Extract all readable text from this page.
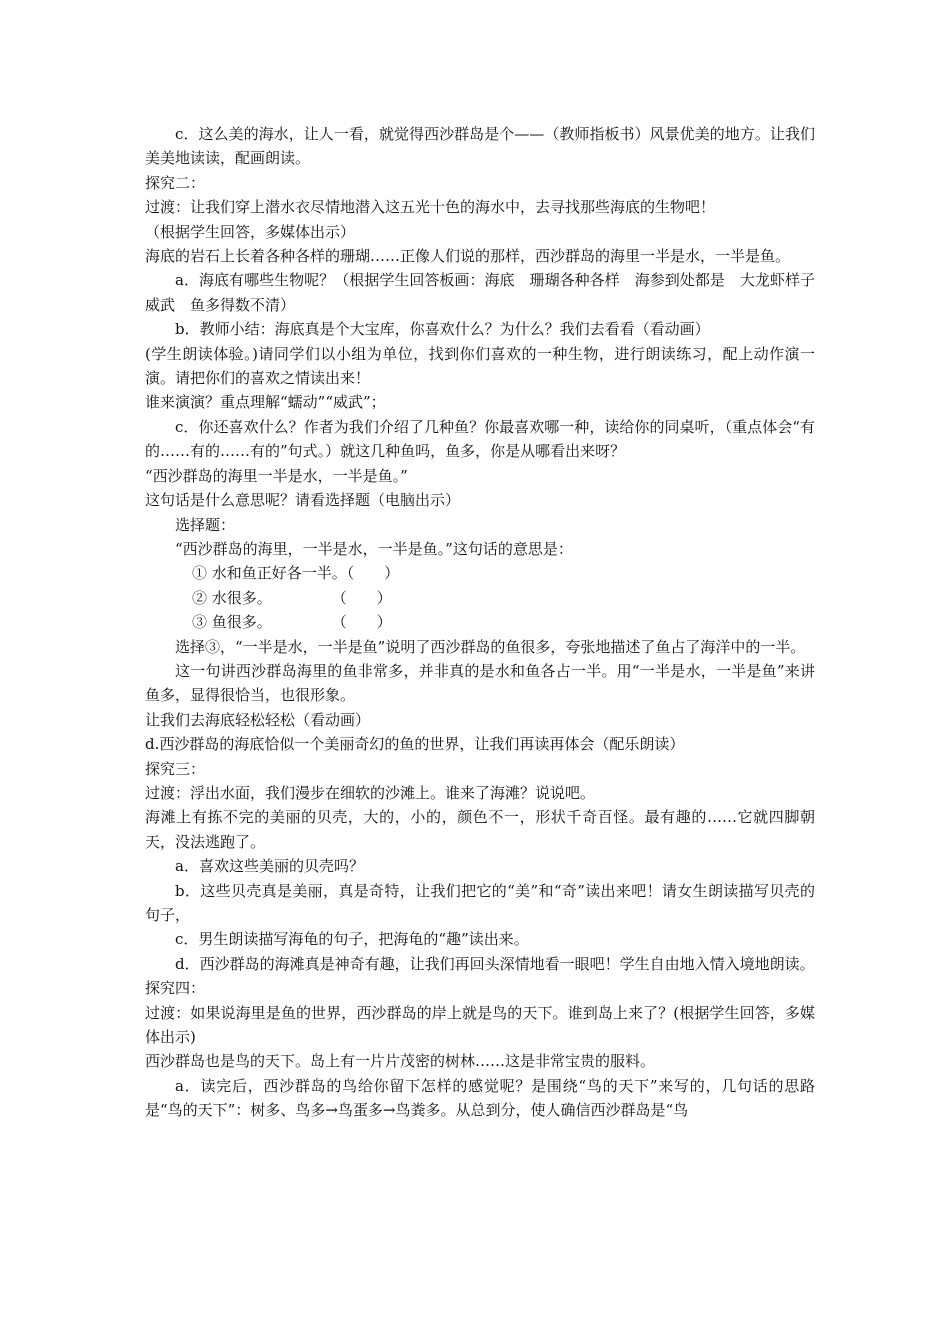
c．这么美的海水，让人一看，就觉得西沙群岛是个——（教师指板书）风景优美的地方。让我们美美地读读，配画朗读。

探究二：

过渡：让我们穿上潜水衣尽情地潜入这五光十色的海水中，去寻找那些海底的生物吧！

（根据学生回答，多媒体出示）

海底的岩石上长着各种各样的珊瑚……正像人们说的那样，西沙群岛的海里一半是水，一半是鱼。

a．海底有哪些生物呢？（根据学生回答板画：海底　珊瑚各种各样　海参到处都是　大龙虾样子威武　鱼多得数不清）

b．教师小结：海底真是个大宝库，你喜欢什么？为什么？我们去看看（看动画）

(学生朗读体验。)请同学们以小组为单位，找到你们喜欢的一种生物，进行朗读练习，配上动作演一演。请把你们的喜欢之情读出来！

谁来演演？重点理解“蠕动”“威武”；

c．你还喜欢什么？作者为我们介绍了几种鱼？你最喜欢哪一种，读给你的同桌听，（重点体会“有的……有的……有的”句式。）就这几种鱼吗，鱼多，你是从哪看出来呀？

“西沙群岛的海里一半是水，一半是鱼。”

这句话是什么意思呢？请看选择题（电脑出示）

选择题：

“西沙群岛的海里，一半是水，一半是鱼。”这句话的意思是：

① 水和鱼正好各一半。（　　）

② 水很多。　　　　　（　　）

③ 鱼很多。　　　　　（　　）

选择③，“一半是水，一半是鱼”说明了西沙群岛的鱼很多，夸张地描述了鱼占了海洋中的一半。

这一句讲西沙群岛海里的鱼非常多，并非真的是水和鱼各占一半。用“一半是水，一半是鱼”来讲鱼多，显得很恰当，也很形象。

让我们去海底轻松轻松（看动画）

d.西沙群岛的海底恰似一个美丽奇幻的鱼的世界，让我们再读再体会（配乐朗读）

探究三：

过渡：浮出水面，我们漫步在细软的沙滩上。谁来了海滩？说说吧。

海滩上有拣不完的美丽的贝壳，大的，小的，颜色不一，形状千奇百怪。最有趣的……它就四脚朝天，没法逃跑了。

a．喜欢这些美丽的贝壳吗？

b．这些贝壳真是美丽，真是奇特，让我们把它的“美”和“奇”读出来吧！请女生朗读描写贝壳的句子，

c．男生朗读描写海龟的句子，把海龟的“趣”读出来。

d．西沙群岛的海滩真是神奇有趣，让我们再回头深情地看一眼吧！学生自由地入情入境地朗读。

探究四：

过渡：如果说海里是鱼的世界，西沙群岛的岸上就是鸟的天下。谁到岛上来了？(根据学生回答，多媒体出示)

西沙群岛也是鸟的天下。岛上有一片片茂密的树林……这是非常宝贵的服料。

a．读完后，西沙群岛的鸟给你留下怎样的感觉呢？是围绕“鸟的天下”来写的，几句话的思路是“鸟的天下”：树多、鸟多→鸟蛋多→鸟粪多。从总到分，使人确信西沙群岛是“鸟
